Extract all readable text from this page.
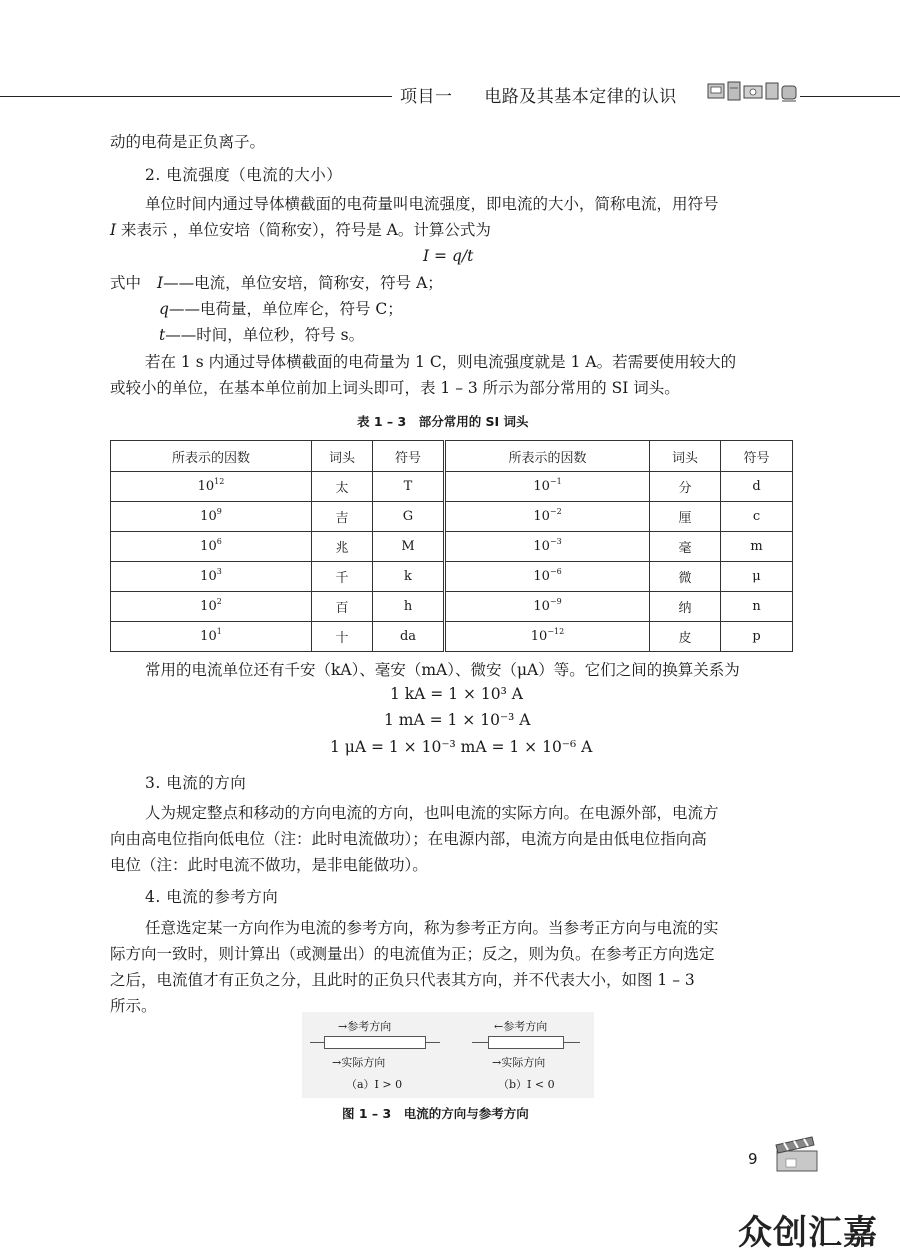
项目一 电路及其基本定律的认识
动的电荷是正负离子。
2. 电流强度（电流的大小）
单位时间内通过导体横截面的电荷量叫电流强度，即电流的大小，简称电流，用符号
I 来表示 ，单位安培（简称安），符号是 A。计算公式为
I = q/t
式中 I——电流，单位安培，简称安，符号 A；
q——电荷量，单位库仑，符号 C；
t——时间，单位秒，符号 s。
若在 1 s 内通过导体横截面的电荷量为 1 C，则电流强度就是 1 A。若需要使用较大的
或较小的单位，在基本单位前加上词头即可，表 1 – 3 所示为部分常用的 SI 词头。
表 1 – 3　部分常用的 SI 词头
所表示的因数	词头	符号	所表示的因数	词头	符号
$10^{12}$	太	T	$10^{-1}$	分	d
$10^9$	吉	G	$10^{-2}$	厘	c
$10^6$	兆	M	$10^{-3}$	毫	m
$10^3$	千	k	$10^{-6}$	微	μ
$10^2$	百	h	$10^{-9}$	纳	n
$10^1$	十	da	$10^{-12}$	皮	p
常用的电流单位还有千安（kA）、毫安（mA）、微安（μA）等。它们之间的换算关系为
1 kA = 1 × 10³ A
1 mA = 1 × 10⁻³ A
1 μA = 1 × 10⁻³ mA = 1 × 10⁻⁶ A
3. 电流的方向
人为规定整点和移动的方向电流的方向，也叫电流的实际方向。在电源外部，电流方
向由高电位指向低电位（注：此时电流做功）；在电源内部，电流方向是由低电位指向高
电位（注：此时电流不做功，是非电能做功）。
4. 电流的参考方向
任意选定某一方向作为电流的参考方向，称为参考正方向。当参考正方向与电流的实
际方向一致时，则计算出（或测量出）的电流值为正；反之，则为负。在参考正方向选定
之后，电流值才有正负之分，且此时的正负只代表其方向，并不代表大小，如图 1 – 3
所示。
→参考方向
→实际方向
（a）I > 0
←参考方向
→实际方向
（b）I < 0
图 1 – 3　电流的方向与参考方向
9
众创汇嘉
